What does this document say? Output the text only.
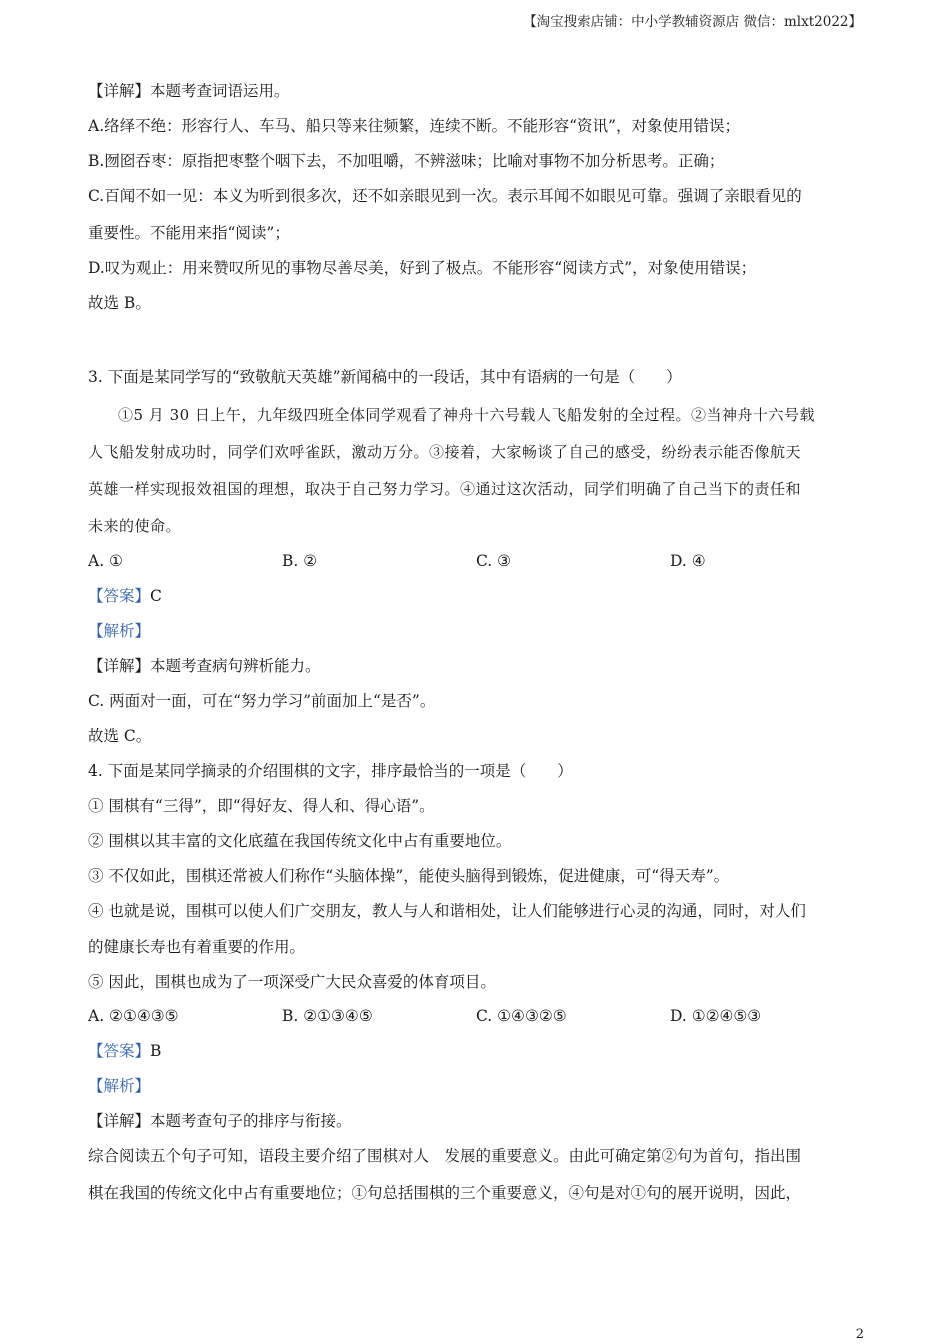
【淘宝搜索店铺：中小学教辅资源店 微信：mlxt2022】
【详解】本题考查词语运用。
A.络绎不绝：形容行人、车马、船只等来往频繁，连续不断。不能形容“资讯”，对象使用错误；
B.囫囵吞枣：原指把枣整个咽下去，不加咀嚼，不辨滋味；比喻对事物不加分析思考。正确；
C.百闻不如一见：本义为听到很多次，还不如亲眼见到一次。表示耳闻不如眼见可靠。强调了亲眼看见的
重要性。不能用来指“阅读”；
D.叹为观止：用来赞叹所见的事物尽善尽美，好到了极点。不能形容“阅读方式”，对象使用错误；
故选 B。
3. 下面是某同学写的“致敬航天英雄”新闻稿中的一段话，其中有语病的一句是（　　）
①5 月 30 日上午，九年级四班全体同学观看了神舟十六号载人飞船发射的全过程。②当神舟十六号载
人飞船发射成功时，同学们欢呼雀跃，激动万分。③接着，大家畅谈了自己的感受，纷纷表示能否像航天
英雄一样实现报效祖国的理想，取决于自己努力学习。④通过这次活动，同学们明确了自己当下的责任和
未来的使命。
A. ①	B. ②	C. ③	D. ④
【答案】C
【解析】
【详解】本题考查病句辨析能力。
C. 两面对一面，可在“努力学习”前面加上“是否”。
故选 C。
4. 下面是某同学摘录的介绍围棋的文字，排序最恰当的一项是（　　）
① 围棋有“三得”，即“得好友、得人和、得心语”。
② 围棋以其丰富的文化底蕴在我国传统文化中占有重要地位。
③ 不仅如此，围棋还常被人们称作“头脑体操”，能使头脑得到锻炼，促进健康，可“得天寿”。
④ 也就是说，围棋可以使人们广交朋友，教人与人和谐相处，让人们能够进行心灵的沟通，同时，对人们
的健康长寿也有着重要的作用。
⑤ 因此，围棋也成为了一项深受广大民众喜爱的体育项目。
A. ②①④③⑤	B. ②①③④⑤	C. ①④③②⑤	D. ①②④⑤③
【答案】B
【解析】
【详解】本题考查句子的排序与衔接。
综合阅读五个句子可知，语段主要介绍了围棋对人　发展的重要意义。由此可确定第②句为首句，指出围
棋在我国的传统文化中占有重要地位；①句总括围棋的三个重要意义，④句是对①句的展开说明，因此，
2
